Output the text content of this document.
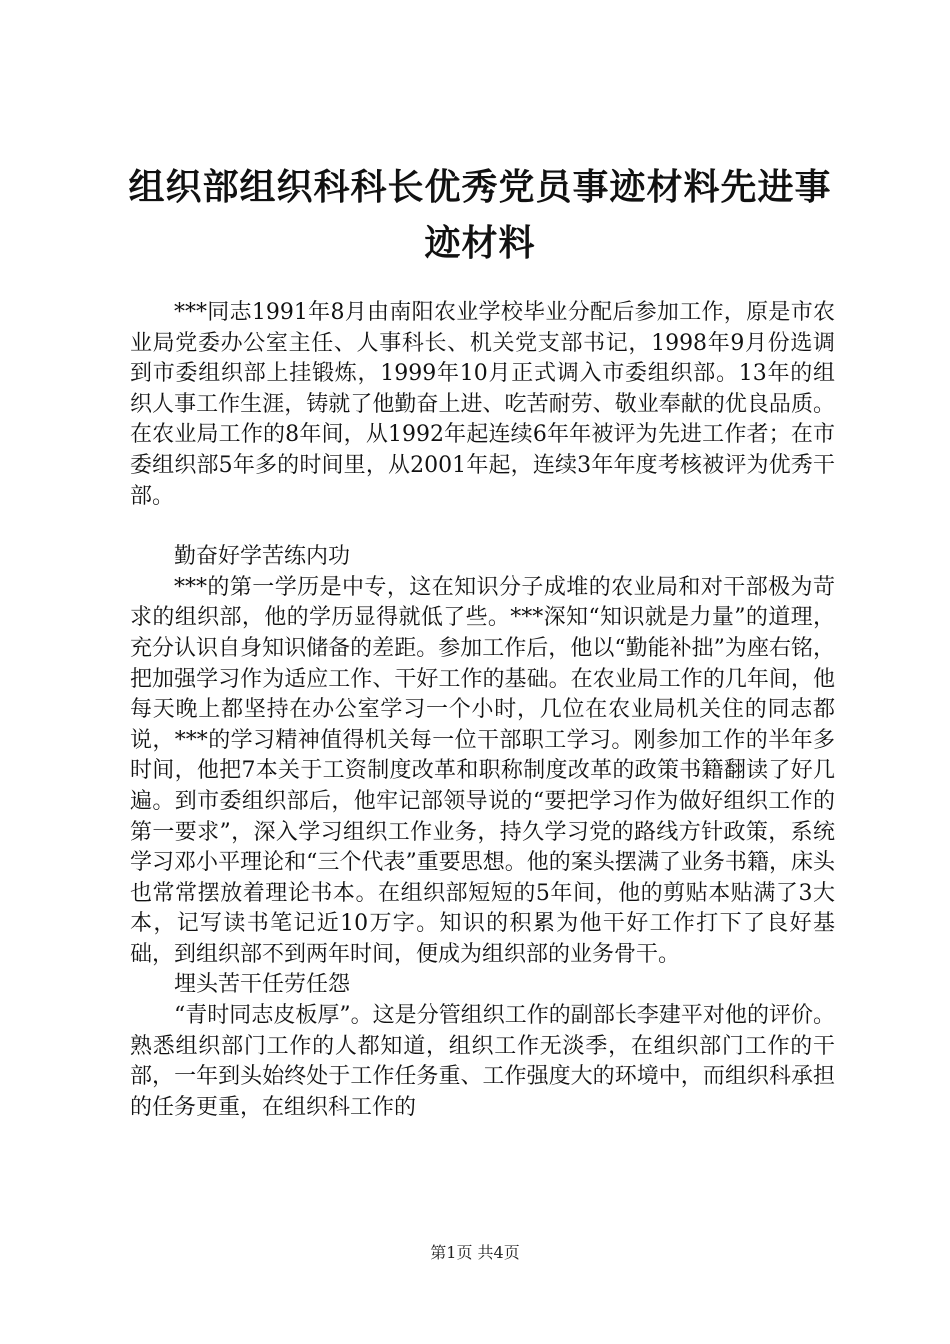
组织部组织科科长优秀党员事迹材料先进事迹材料

***同志1991年8月由南阳农业学校毕业分配后参加工作，原是市农业局党委办公室主任、人事科长、机关党支部书记，1998年9月份选调到市委组织部上挂锻炼，1999年10月正式调入市委组织部。13年的组织人事工作生涯，铸就了他勤奋上进、吃苦耐劳、敬业奉献的优良品质。在农业局工作的8年间，从1992年起连续6年年被评为先进工作者；在市委组织部5年多的时间里，从2001年起，连续3年年度考核被评为优秀干部。

勤奋好学苦练内功

***的第一学历是中专，这在知识分子成堆的农业局和对干部极为苛求的组织部，他的学历显得就低了些。***深知“知识就是力量”的道理，充分认识自身知识储备的差距。参加工作后，他以“勤能补拙”为座右铭，把加强学习作为适应工作、干好工作的基础。在农业局工作的几年间，他每天晚上都坚持在办公室学习一个小时，几位在农业局机关住的同志都说，***的学习精神值得机关每一位干部职工学习。刚参加工作的半年多时间，他把7本关于工资制度改革和职称制度改革的政策书籍翻读了好几遍。到市委组织部后，他牢记部领导说的“要把学习作为做好组织工作的第一要求”，深入学习组织工作业务，持久学习党的路线方针政策，系统学习邓小平理论和“三个代表”重要思想。他的案头摆满了业务书籍，床头也常常摆放着理论书本。在组织部短短的5年间，他的剪贴本贴满了3大本，记写读书笔记近10万字。知识的积累为他干好工作打下了良好基础，到组织部不到两年时间，便成为组织部的业务骨干。

埋头苦干任劳任怨

“青时同志皮板厚”。这是分管组织工作的副部长李建平对他的评价。熟悉组织部门工作的人都知道，组织工作无淡季，在组织部门工作的干部，一年到头始终处于工作任务重、工作强度大的环境中，而组织科承担的任务更重，在组织科工作的

第1页 共4页
